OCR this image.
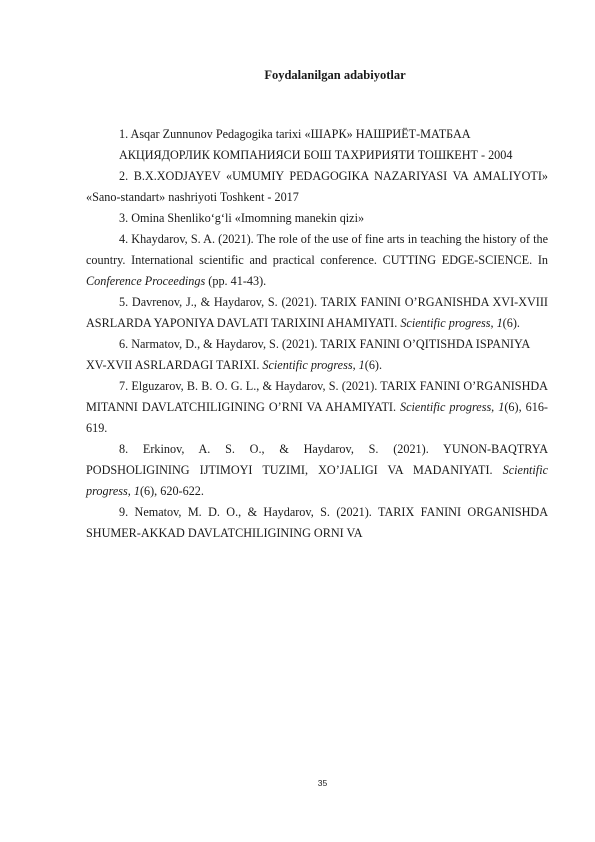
Foydalanilgan adabiyotlar

1. Asqar Zunnunov Pedagogika tarixi «ШАРК» НАШРИЁТ-МАТБАА

АКЦИЯДОРЛИК КОМПАНИЯСИ БОШ ТАХРИРИЯТИ ТОШКЕНТ - 2004

2. B.X.XODJAYEV «UMUMIY PEDAGOGIKA NAZARIYASI VA AMALIYOTI» «Sano-standart» nashriyoti Toshkent - 2017

3. Omina Shenliko‘g‘li «Imomning manekin qizi»

4. Khaydarov, S. A. (2021). The role of the use of fine arts in teaching the history of the country. International scientific and practical conference. CUTTING EDGE-SCIENCE. In Conference Proceedings (pp. 41-43).

5. Davrenov, J., & Haydarov, S. (2021). TARIX FANINI O’RGANISHDA XVI-XVIII ASRLARDA YAPONIYA DAVLATI TARIXINI AHAMIYATI. Scientific progress, 1(6).

6. Narmatov, D., & Haydarov, S. (2021). TARIX FANINI O’QITISHDA ISPANIYA XV-XVII ASRLARDAGI TARIXI. Scientific progress, 1(6).

7. Elguzarov, B. B. O. G. L., & Haydarov, S. (2021). TARIX FANINI O’RGANISHDA MITANNI DAVLATCHILIGINING O’RNI VA AHAMIYATI. Scientific progress, 1(6), 616-619.

8. Erkinov, A. S. O., & Haydarov, S. (2021). YUNON-BAQTRYA PODSHOLIGINING IJTIMOYI TUZIMI, XO’JALIGI VA MADANIYATI. Scientific progress, 1(6), 620-622.

9. Nematov, M. D. O., & Haydarov, S. (2021). TARIX FANINI ORGANISHDA SHUMER-AKKAD DAVLATCHILIGINING ORNI VA

35
